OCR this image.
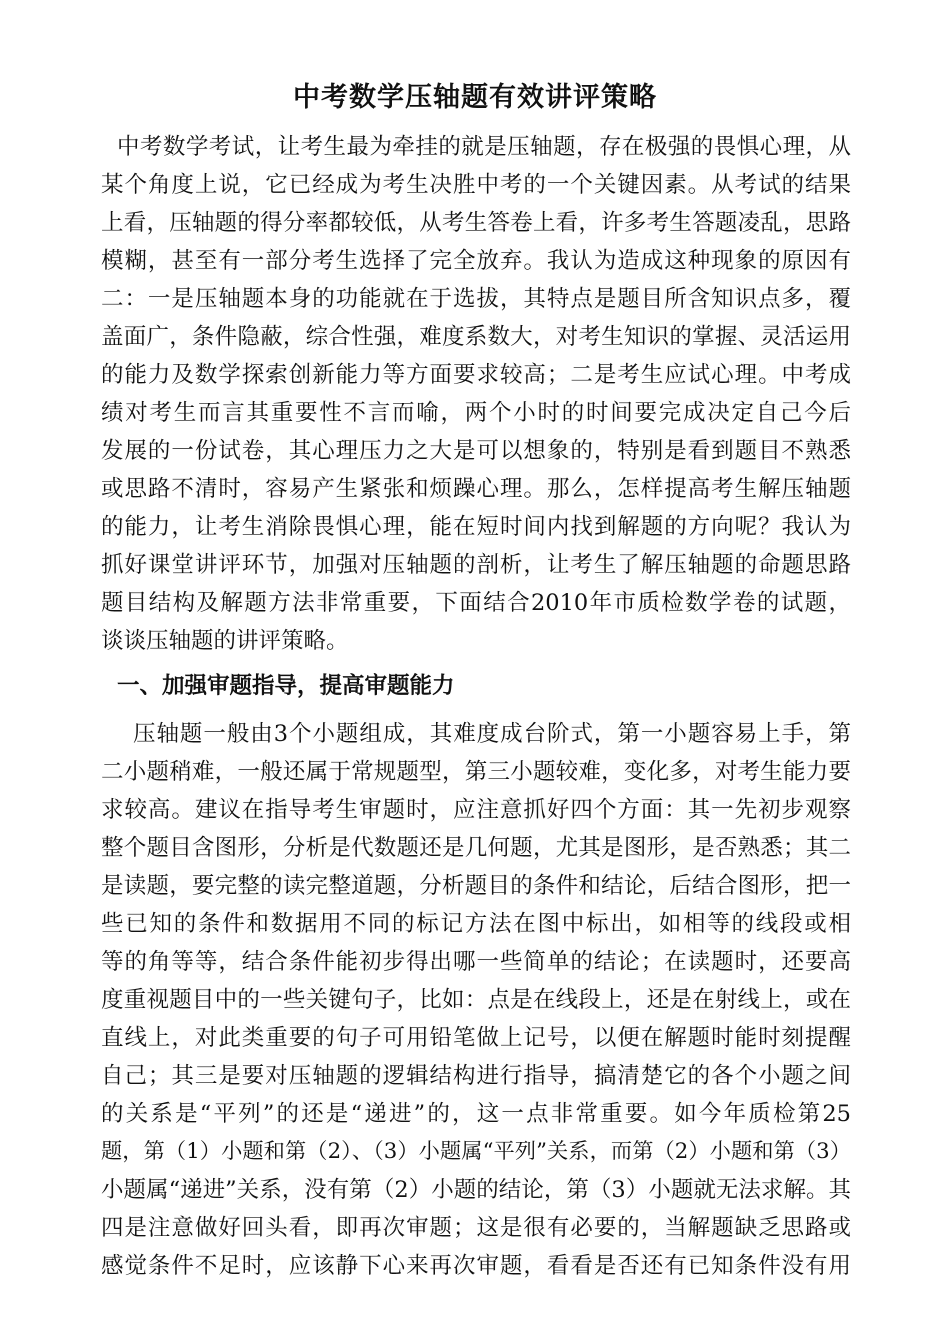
中考数学压轴题有效讲评策略
中考数学考试，让考生最为牵挂的就是压轴题，存在极强的畏惧心理，从
某个角度上说，它已经成为考生决胜中考的一个关键因素。从考试的结果
上看，压轴题的得分率都较低，从考生答卷上看，许多考生答题凌乱，思路
模糊，甚至有一部分考生选择了完全放弃。我认为造成这种现象的原因有
二：一是压轴题本身的功能就在于选拔，其特点是题目所含知识点多，覆
盖面广，条件隐蔽，综合性强，难度系数大，对考生知识的掌握、灵活运用
的能力及数学探索创新能力等方面要求较高；二是考生应试心理。中考成
绩对考生而言其重要性不言而喻，两个小时的时间要完成决定自己今后
发展的一份试卷，其心理压力之大是可以想象的，特别是看到题目不熟悉
或思路不清时，容易产生紧张和烦躁心理。那么，怎样提高考生解压轴题
的能力，让考生消除畏惧心理，能在短时间内找到解题的方向呢？我认为
抓好课堂讲评环节，加强对压轴题的剖析，让考生了解压轴题的命题思路
题目结构及解题方法非常重要，下面结合2010年市质检数学卷的试题，
谈谈压轴题的讲评策略。
一、加强审题指导，提高审题能力
压轴题一般由3个小题组成，其难度成台阶式，第一小题容易上手，第
二小题稍难，一般还属于常规题型，第三小题较难，变化多，对考生能力要
求较高。建议在指导考生审题时，应注意抓好四个方面：其一先初步观察
整个题目含图形，分析是代数题还是几何题，尤其是图形，是否熟悉；其二
是读题，要完整的读完整道题，分析题目的条件和结论，后结合图形，把一
些已知的条件和数据用不同的标记方法在图中标出，如相等的线段或相
等的角等等，结合条件能初步得出哪一些简单的结论；在读题时，还要高
度重视题目中的一些关键句子，比如：点是在线段上，还是在射线上，或在
直线上，对此类重要的句子可用铅笔做上记号，以便在解题时能时刻提醒
自己；其三是要对压轴题的逻辑结构进行指导，搞清楚它的各个小题之间
的关系是“平列”的还是“递进”的，这一点非常重要。如今年质检第25
题，第（1）小题和第（2）、（3）小题属“平列”关系，而第（2）小题和第（3）
小题属“递进”关系，没有第（2）小题的结论，第（3）小题就无法求解。其
四是注意做好回头看，即再次审题；这是很有必要的，当解题缺乏思路或
感觉条件不足时，应该静下心来再次审题，看看是否还有已知条件没有用
